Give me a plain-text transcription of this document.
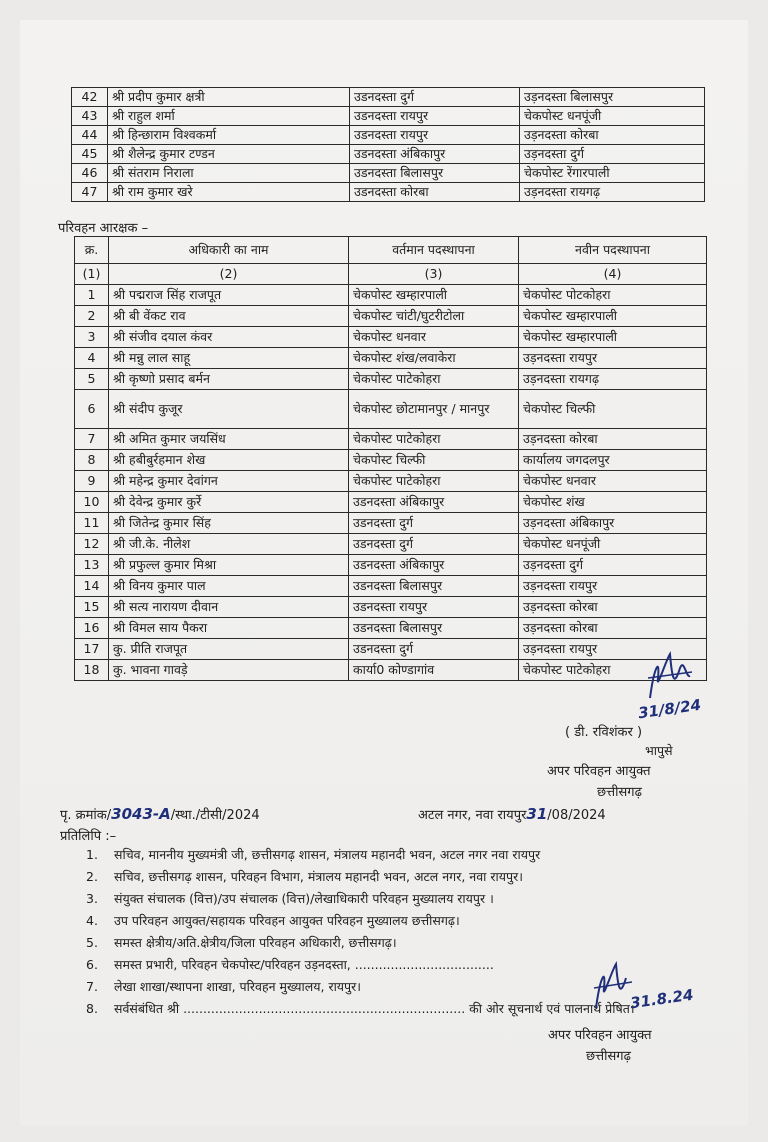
42	श्री प्रदीप कुमार क्षत्री	उडनदस्ता दुर्ग	उड़नदस्ता बिलासपुर
43	श्री राहुल शर्मा	उडनदस्ता रायपुर	चेकपोस्ट धनपूंजी
44	श्री हिन्छाराम विश्वकर्मा	उडनदस्ता रायपुर	उड़नदस्ता कोरबा
45	श्री शैलेन्द्र कुमार टण्डन	उडनदस्ता अंबिकापुर	उड़नदस्ता दुर्ग
46	श्री संतराम निराला	उडनदस्ता बिलासपुर	चेकपोस्ट रेंगारपाली
47	श्री राम कुमार खरे	उडनदस्ता कोरबा	उड़नदस्ता रायगढ़
परिवहन आरक्षक –
क्र.	अधिकारी का नाम	वर्तमान पदस्थापना	नवीन पदस्थापना
(1)	(2)	(3)	(4)
1	श्री पद्मराज सिंह राजपूत	चेकपोस्ट खम्हारपाली	चेकपोस्ट पोटकोहरा
2	श्री बी वेंकट राव	चेकपोस्ट चांटी/घुटरीटोला	चेकपोस्ट खम्हारपाली
3	श्री संजीव दयाल कंवर	चेकपोस्ट धनवार	चेकपोस्ट खम्हारपाली
4	श्री मन्नु लाल साहू	चेकपोस्ट शंख/लवाकेरा	उड़नदस्ता रायपुर
5	श्री कृष्णो प्रसाद बर्मन	चेकपोस्ट पाटेकोहरा	उड़नदस्ता रायगढ़
6	श्री संदीप कुजूर	चेकपोस्ट छोटामानपुर / मानपुर	चेकपोस्ट चिल्फी
7	श्री अमित कुमार जयसिंध	चेकपोस्ट पाटेकोहरा	उड़नदस्ता कोरबा
8	श्री हबीबुर्रहमान शेख	चेकपोस्ट चिल्फी	कार्यालय जगदलपुर
9	श्री महेन्द्र कुमार देवांगन	चेकपोस्ट पाटेकोहरा	चेकपोस्ट धनवार
10	श्री देवेन्द्र कुमार कुर्रे	उडनदस्ता अंबिकापुर	चेकपोस्ट शंख
11	श्री जितेन्द्र कुमार सिंह	उडनदस्ता दुर्ग	उड़नदस्ता अंबिकापुर
12	श्री जी.के. नीलेश	उडनदस्ता दुर्ग	चेकपोस्ट धनपूंजी
13	श्री प्रफुल्ल कुमार मिश्रा	उडनदस्ता अंबिकापुर	उड़नदस्ता दुर्ग
14	श्री विनय कुमार पाल	उडनदस्ता बिलासपुर	उड़नदस्ता रायपुर
15	श्री सत्य नारायण दीवान	उडनदस्ता रायपुर	उड़नदस्ता कोरबा
16	श्री विमल साय पैकरा	उडनदस्ता बिलासपुर	उड़नदस्ता कोरबा
17	कु. प्रीति राजपूत	उडनदस्ता दुर्ग	उड़नदस्ता रायपुर
18	कु. भावना गावड़े	कार्या0 कोण्डागांव	चेकपोस्ट पाटेकोहरा
31/8/24
( डी. रविशंकर )
भापुसे
अपर परिवहन आयुक्त
छत्तीसगढ़
पृ. क्रमांक/3043-A/स्था./टीसी/2024	अटल नगर, नवा रायपुर31/08/2024
प्रतिलिपि :–
1.	सचिव, माननीय मुख्यमंत्री जी, छत्तीसगढ़ शासन, मंत्रालय महानदी भवन, अटल नगर नवा रायपुर
2.	सचिव, छत्तीसगढ़ शासन, परिवहन विभाग, मंत्रालय महानदी भवन, अटल नगर, नवा रायपुर।
3.	संयुक्त संचालक (वित्त)/उप संचालक (वित्त)/लेखाधिकारी परिवहन मुख्यालय रायपुर ।
4.	उप परिवहन आयुक्त/सहायक परिवहन आयुक्त परिवहन मुख्यालय छत्तीसगढ़।
5.	समस्त क्षेत्रीय/अति.क्षेत्रीय/जिला परिवहन अधिकारी, छत्तीसगढ़।
6.	समस्त प्रभारी, परिवहन चेकपोस्ट/परिवहन उड़नदस्ता, ...................................
7.	लेखा शाखा/स्थापना शाखा, परिवहन मुख्यालय, रायपुर।
8.	सर्वसंबंधित श्री ....................................................................... की ओर सूचनार्थ एवं पालनार्थ प्रेषित।
31.8.24
अपर परिवहन आयुक्त
छत्तीसगढ़
